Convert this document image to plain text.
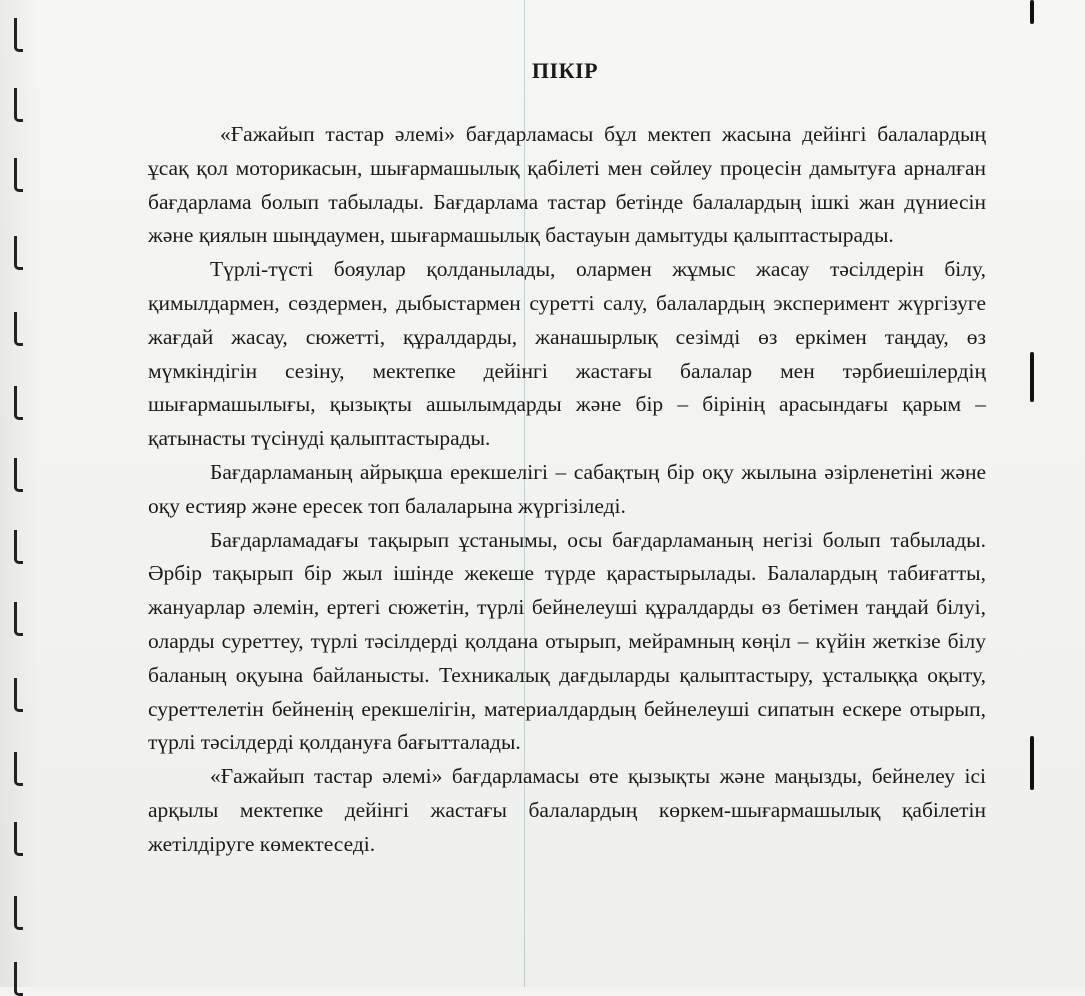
ПІКІР

«Ғажайып тастар әлемі» бағдарламасы бұл мектеп жасына дейінгі балалардың ұсақ қол моторикасын, шығармашылық қабілеті мен сөйлеу процесін дамытуға арналған бағдарлама болып табылады. Бағдарлама тастар бетінде балалардың ішкі жан дүниесін және қиялын шыңдаумен, шығармашылық бастауын дамытуды қалыптастырады.

Түрлі-түсті бояулар қолданылады, олармен жұмыс жасау тәсілдерін білу, қимылдармен, сөздермен, дыбыстармен суретті салу, балалардың эксперимент жүргізуге жағдай жасау, сюжетті, құралдарды, жанашырлық сезімді өз еркімен таңдау, өз мүмкіндігін сезіну, мектепке дейінгі жастағы балалар мен тәрбиешілердің шығармашылығы, қызықты ашылымдарды және бір – бірінің арасындағы қарым – қатынасты түсінуді қалыптастырады.

Бағдарламаның айрықша ерекшелігі – сабақтың бір оқу жылына әзірленетіні және оқу естияр және ересек топ балаларына жүргізіледі.

Бағдарламадағы тақырып ұстанымы, осы бағдарламаның негізі болып табылады. Әрбір тақырып бір жыл ішінде жекеше түрде қарастырылады. Балалардың табиғатты, жануарлар әлемін, ертегі сюжетін, түрлі бейнелеуші құралдарды өз бетімен таңдай білуі, оларды суреттеу, түрлі тәсілдерді қолдана отырып, мейрамның көңіл – күйін жеткізе білу баланың оқуына байланысты. Техникалық дағдыларды қалыптастыру, ұсталыққа оқыту, суреттелетін бейненің ерекшелігін, материалдардың бейнелеуші сипатын ескере отырып, түрлі тәсілдерді қолдануға бағытталады.

«Ғажайып тастар әлемі» бағдарламасы өте қызықты және маңызды, бейнелеу ісі арқылы мектепке дейінгі жастағы балалардың көркем-шығармашылық қабілетін жетілдіруге көмектеседі.
